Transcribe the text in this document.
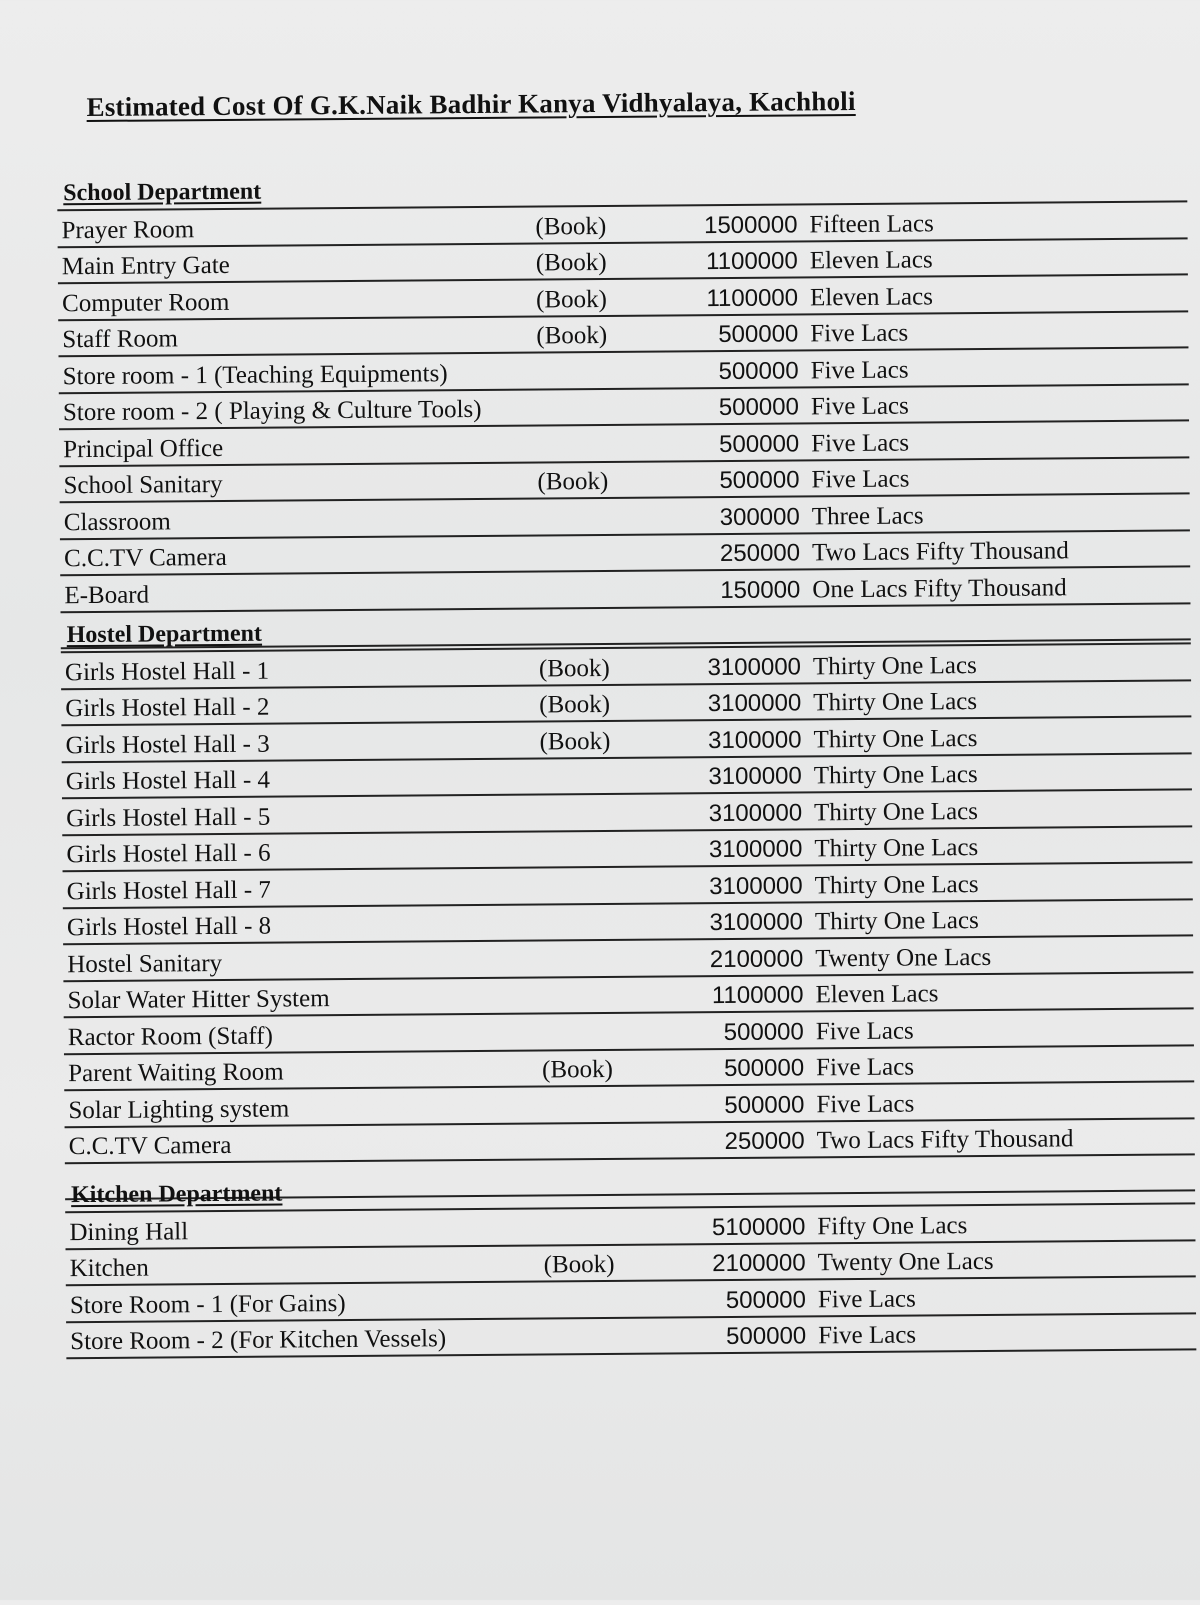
Estimated Cost Of G.K.Naik Badhir Kanya Vidhyalaya, Kachholi
School Department
Prayer Room	(Book)	1500000 Fifteen Lacs
Main Entry Gate	(Book)	1100000 Eleven Lacs
Computer Room	(Book)	1100000 Eleven Lacs
Staff Room	(Book)	500000 Five Lacs
Store room - 1 (Teaching Equipments)	500000 Five Lacs
Store room - 2 ( Playing & Culture Tools)	500000 Five Lacs
Principal Office	500000 Five Lacs
School Sanitary	(Book)	500000 Five Lacs
Classroom	300000 Three Lacs
C.C.TV Camera	250000 Two Lacs Fifty Thousand
E-Board	150000 One Lacs Fifty Thousand
Hostel Department
Girls Hostel Hall - 1	(Book)	3100000 Thirty One Lacs
Girls Hostel Hall - 2	(Book)	3100000 Thirty One Lacs
Girls Hostel Hall - 3	(Book)	3100000 Thirty One Lacs
Girls Hostel Hall - 4	3100000 Thirty One Lacs
Girls Hostel Hall - 5	3100000 Thirty One Lacs
Girls Hostel Hall - 6	3100000 Thirty One Lacs
Girls Hostel Hall - 7	3100000 Thirty One Lacs
Girls Hostel Hall - 8	3100000 Thirty One Lacs
Hostel Sanitary	2100000 Twenty One Lacs
Solar Water Hitter System	1100000 Eleven Lacs
Ractor Room (Staff)	500000 Five Lacs
Parent Waiting Room	(Book)	500000 Five Lacs
Solar Lighting system	500000 Five Lacs
C.C.TV Camera	250000 Two Lacs Fifty Thousand
Kitchen Department
Dining Hall	5100000 Fifty One Lacs
Kitchen	(Book)	2100000 Twenty One Lacs
Store Room - 1 (For Gains)	500000 Five Lacs
Store Room - 2 (For Kitchen Vessels)	500000 Five Lacs
